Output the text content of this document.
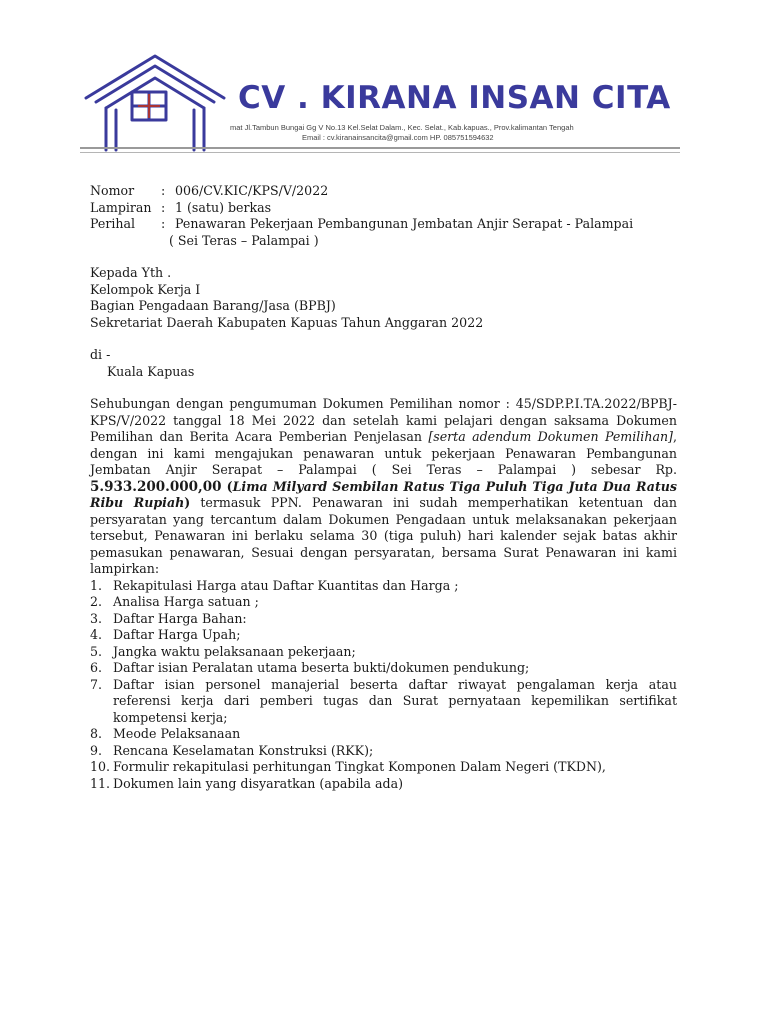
CV . KIRANA INSAN CITA
mat Jl.Tambun Bungai Gg V No.13 Kel.Selat Dalam., Kec. Selat., Kab.kapuas., Prov.kalimantan Tengah
Email : cv.kiranainsancita@gmail.com HP. 085751594632
Nomor	: 006/CV.KIC/KPS/V/2022
Lampiran : 1 (satu) berkas
Perihal	: Penawaran Pekerjaan Pembangunan Jembatan Anjir Serapat - Palampai
( Sei Teras – Palampai )
Kepada Yth .
Kelompok Kerja I
Bagian Pengadaan Barang/Jasa (BPBJ)
Sekretariat Daerah Kabupaten Kapuas Tahun Anggaran 2022
di -
Kuala Kapuas

Sehubungan dengan pengumuman Dokumen Pemilihan nomor : 45/SDP.P.I.TA.2022/BPBJ-KPS/V/2022 tanggal 18 Mei 2022 dan setelah kami pelajari dengan saksama Dokumen Pemilihan dan Berita Acara Pemberian Penjelasan [serta adendum Dokumen Pemilihan], dengan ini kami mengajukan penawaran untuk pekerjaan Penawaran Pembangunan Jembatan Anjir Serapat – Palampai ( Sei Teras – Palampai ) sebesar Rp. 5.933.200.000,00 (Lima Milyard Sembilan Ratus Tiga Puluh Tiga Juta Dua Ratus Ribu Rupiah) termasuk PPN. Penawaran ini sudah memperhatikan ketentuan dan persyaratan yang tercantum dalam Dokumen Pengadaan untuk melaksanakan pekerjaan tersebut, Penawaran ini berlaku selama 30 (tiga puluh) hari kalender sejak batas akhir pemasukan penawaran, Sesuai dengan persyaratan, bersama Surat Penawaran ini kami lampirkan:

1. Rekapitulasi Harga atau Daftar Kuantitas dan Harga ;
2. Analisa Harga satuan ;
3. Daftar Harga Bahan:
4. Daftar Harga Upah;
5. Jangka waktu pelaksanaan pekerjaan;
6. Daftar isian Peralatan utama beserta bukti/dokumen pendukung;
7. Daftar isian personel manajerial beserta daftar riwayat pengalaman kerja atau referensi kerja dari pemberi tugas dan Surat pernyataan kepemilikan sertifikat kompetensi kerja;
8. Meode Pelaksanaan
9. Rencana Keselamatan Konstruksi (RKK);
10. Formulir rekapitulasi perhitungan Tingkat Komponen Dalam Negeri (TKDN),
11. Dokumen lain yang disyaratkan (apabila ada)
